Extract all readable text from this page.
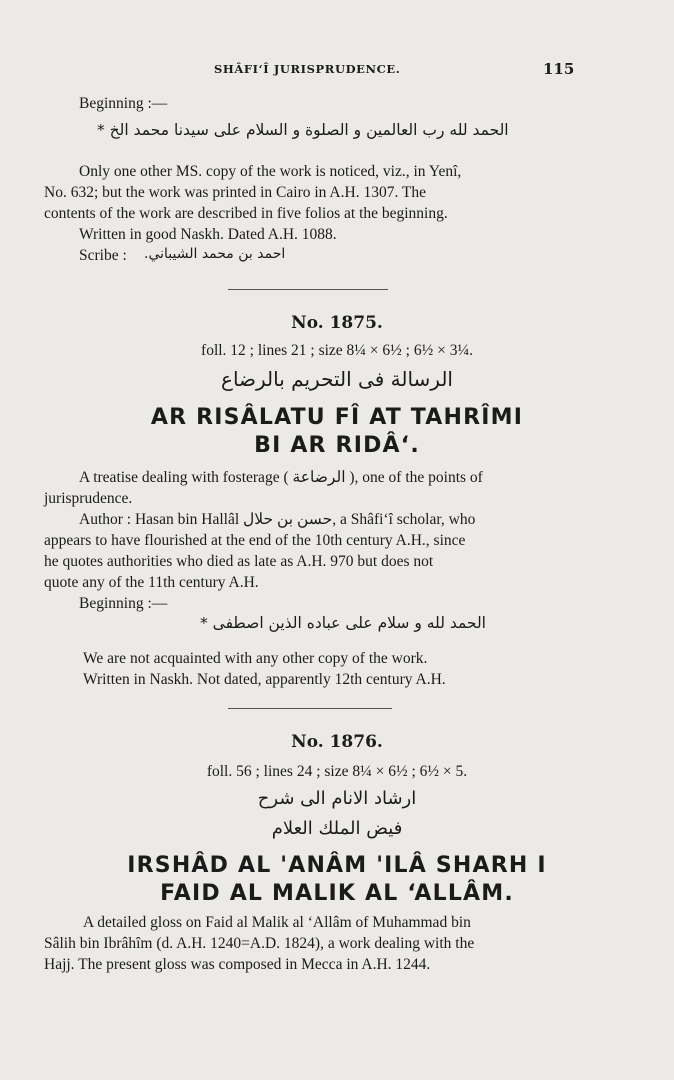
SHÂFI‘Î JURISPRUDENCE.	115
Beginning :—
الحمد لله رب العالمين و الصلوة و السلام على سيدنا محمد الخ *
Only one other MS. copy of the work is noticed, viz., in Yenî,
No. 632; but the work was printed in Cairo in A.H. 1307. The
contents of the work are described in five folios at the beginning.
Written in good Naskh. Dated A.H. 1088.
Scribe : احمد بن محمد الشيباني.
No. 1875.
foll. 12 ; lines 21 ; size 8¼ × 6½ ; 6½ × 3¼.
الرسالة فى التحريم بالرضاع
AR RISÂLATU FÎ AT TAHRÎMI
BI AR RIDÂ‘.
A treatise dealing with fosterage ( الرضاعة ), one of the points of
jurisprudence.
Author : Hasan bin Hallâl حسن بن حلال, a Shâfi‘î scholar, who
appears to have flourished at the end of the 10th century A.H., since
he quotes authorities who died as late as A.H. 970 but does not
quote any of the 11th century A.H.
Beginning :—
الحمد لله و سلام على عباده الذين اصطفى *
We are not acquainted with any other copy of the work.
Written in Naskh. Not dated, apparently 12th century A.H.
No. 1876.
foll. 56 ; lines 24 ; size 8¼ × 6½ ; 6½ × 5.
ارشاد الانام الى شرح
فيض الملك العلام
IRSHÂD AL 'ANÂM 'ILÂ SHARH I
FAID AL MALIK AL ‘ALLÂM.
A detailed gloss on Faid al Malik al ‘Allâm of Muhammad bin
Sâlih bin Ibrâhîm (d. A.H. 1240=A.D. 1824), a work dealing with the
Hajj. The present gloss was composed in Mecca in A.H. 1244.
